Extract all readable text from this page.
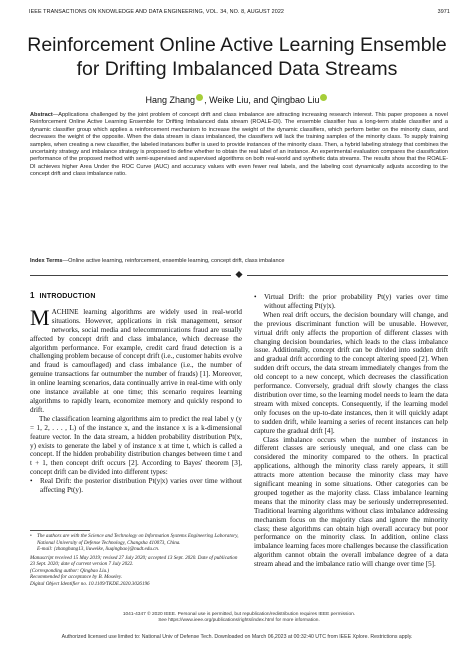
IEEE TRANSACTIONS ON KNOWLEDGE AND DATA ENGINEERING, VOL. 34, NO. 8, AUGUST 2022	3971
Reinforcement Online Active Learning Ensemble
for Drifting Imbalanced Data Streams
Hang Zhang , Weike Liu, and Qingbao Liu
Abstract—Applications challenged by the joint problem of concept drift and class imbalance are attracting increasing research interest. This paper proposes a novel Reinforcement Online Active Learning Ensemble for Drifting Imbalanced data stream (ROALE-DI). The ensemble classifier has a long-term stable classifier and a dynamic classifier group which applies a reinforcement mechanism to increase the weight of the dynamic classifiers, which perform better on the minority class, and decreases the weight of the opposite. When the data stream is class imbalanced, the classifiers will lack the training samples of the minority class. To supply training samples, when creating a new classifier, the labeled instances buffer is used to provide instances of the minority class. Then, a hybrid labeling strategy that combines the uncertainty strategy and imbalance strategy is proposed to define whether to obtain the real label of an instance. An experimental evaluation compares the classification performance of the proposed method with semi-supervised and supervised algorithms on both real-world and synthetic data streams. The results show that the ROALE-DI achieves higher Area Under the ROC Curve (AUC) and accuracy values with even fewer real labels, and the labeling cost dynamically adjusts according to the concept drift and class imbalance ratio.
Index Terms—Online active learning, reinforcement, ensemble learning, concept drift, class imbalance
1 INTRODUCTION

MACHINE learning algorithms are widely used in real-world situations. However, applications in risk management, sensor networks, social media and telecommunications fraud are usually affected by concept drift and class imbalance, which decrease the algorithm performance. For example, credit card fraud detection is a challenging problem because of concept drift (i.e., customer habits evolve and fraud is camouflaged) and class imbalance (i.e., the number of genuine transactions far outnumber the number of frauds) [1]. Moreover, in online learning scenarios, data continually arrive in real-time with only one instance available at one time; this scenario requires learning algorithms to rapidly learn, economize memory and quickly respond to drift.

The classification learning algorithms aim to predict the real label y (y = 1, 2, . . . , L) of the instance x, and the instance x is a k-dimensional feature vector. In the data stream, a hidden probability distribution Pt(x, y) exists to generate the label y of instance x at time t, which is called a concept. If the hidden probability distribution changes between time t and t + 1, then concept drift occurs [2]. According to Bayes' theorem [3], concept drift can be divided into different types:

• Real Drift: the posterior distribution Pt(y|x) varies over time without affecting Pt(y).

• The authors are with the Science and Technology on Information Systems Engineering Laboratory, National University of Defense Technology, Changsha 410073, China.

E-mail: {zhanghang13, liuweike, liuqingbao}@nudt.edu.cn.

Manuscript received 15 May 2019; revised 27 July 2020; accepted 13 Sept. 2020. Date of publication 23 Sept. 2020; date of current version 7 July 2022.

(Corresponding author: Qingbao Liu.)

Recommended for acceptance by B. Moseley.

Digital Object Identifier no. 10.1109/TKDE.2020.3026196

• Virtual Drift: the prior probability Pt(y) varies over time without affecting Pt(y|x).

When real drift occurs, the decision boundary will change, and the previous discriminant function will be unusable. However, virtual drift only affects the proportion of different classes with changing decision boundaries, which leads to the class imbalance issue. Additionally, concept drift can be divided into sudden drift and gradual drift according to the concept altering speed [2]. When sudden drift occurs, the data stream immediately changes from the old concept to a new concept, which decreases the classification performance. Conversely, gradual drift slowly changes the class distribution over time, so the learning model needs to learn the data stream with mixed concepts. Consequently, if the learning model only focuses on the up-to-date instances, then it will quickly adapt to sudden drift, while learning a series of recent instances can help capture the gradual drift [4].

Class imbalance occurs when the number of instances in different classes are seriously unequal, and one class can be considered the minority compared to the others. In practical applications, although the minority class rarely appears, it still attracts more attention because the minority class may have significant meaning in some situations. Other categories can be grouped together as the majority class. Class imbalance learning means that the minority class may be seriously underrepresented. Traditional learning algorithms without class imbalance addressing mechanism focus on the majority class and ignore the minority class; these algorithms can obtain high overall accuracy but poor performance on the minority class. In addition, online class imbalance learning faces more challenges because the classification algorithm cannot obtain the overall imbalance degree of a data stream ahead and the imbalance ratio will change over time [5].

1041-4347 © 2020 IEEE. Personal use is permitted, but republication/redistribution requires IEEE permission.
See https://www.ieee.org/publications/rights/index.html for more information.
Authorized licensed use limited to: National Univ of Defense Tech. Downloaded on March 06,2023 at 00:32:40 UTC from IEEE Xplore. Restrictions apply.
